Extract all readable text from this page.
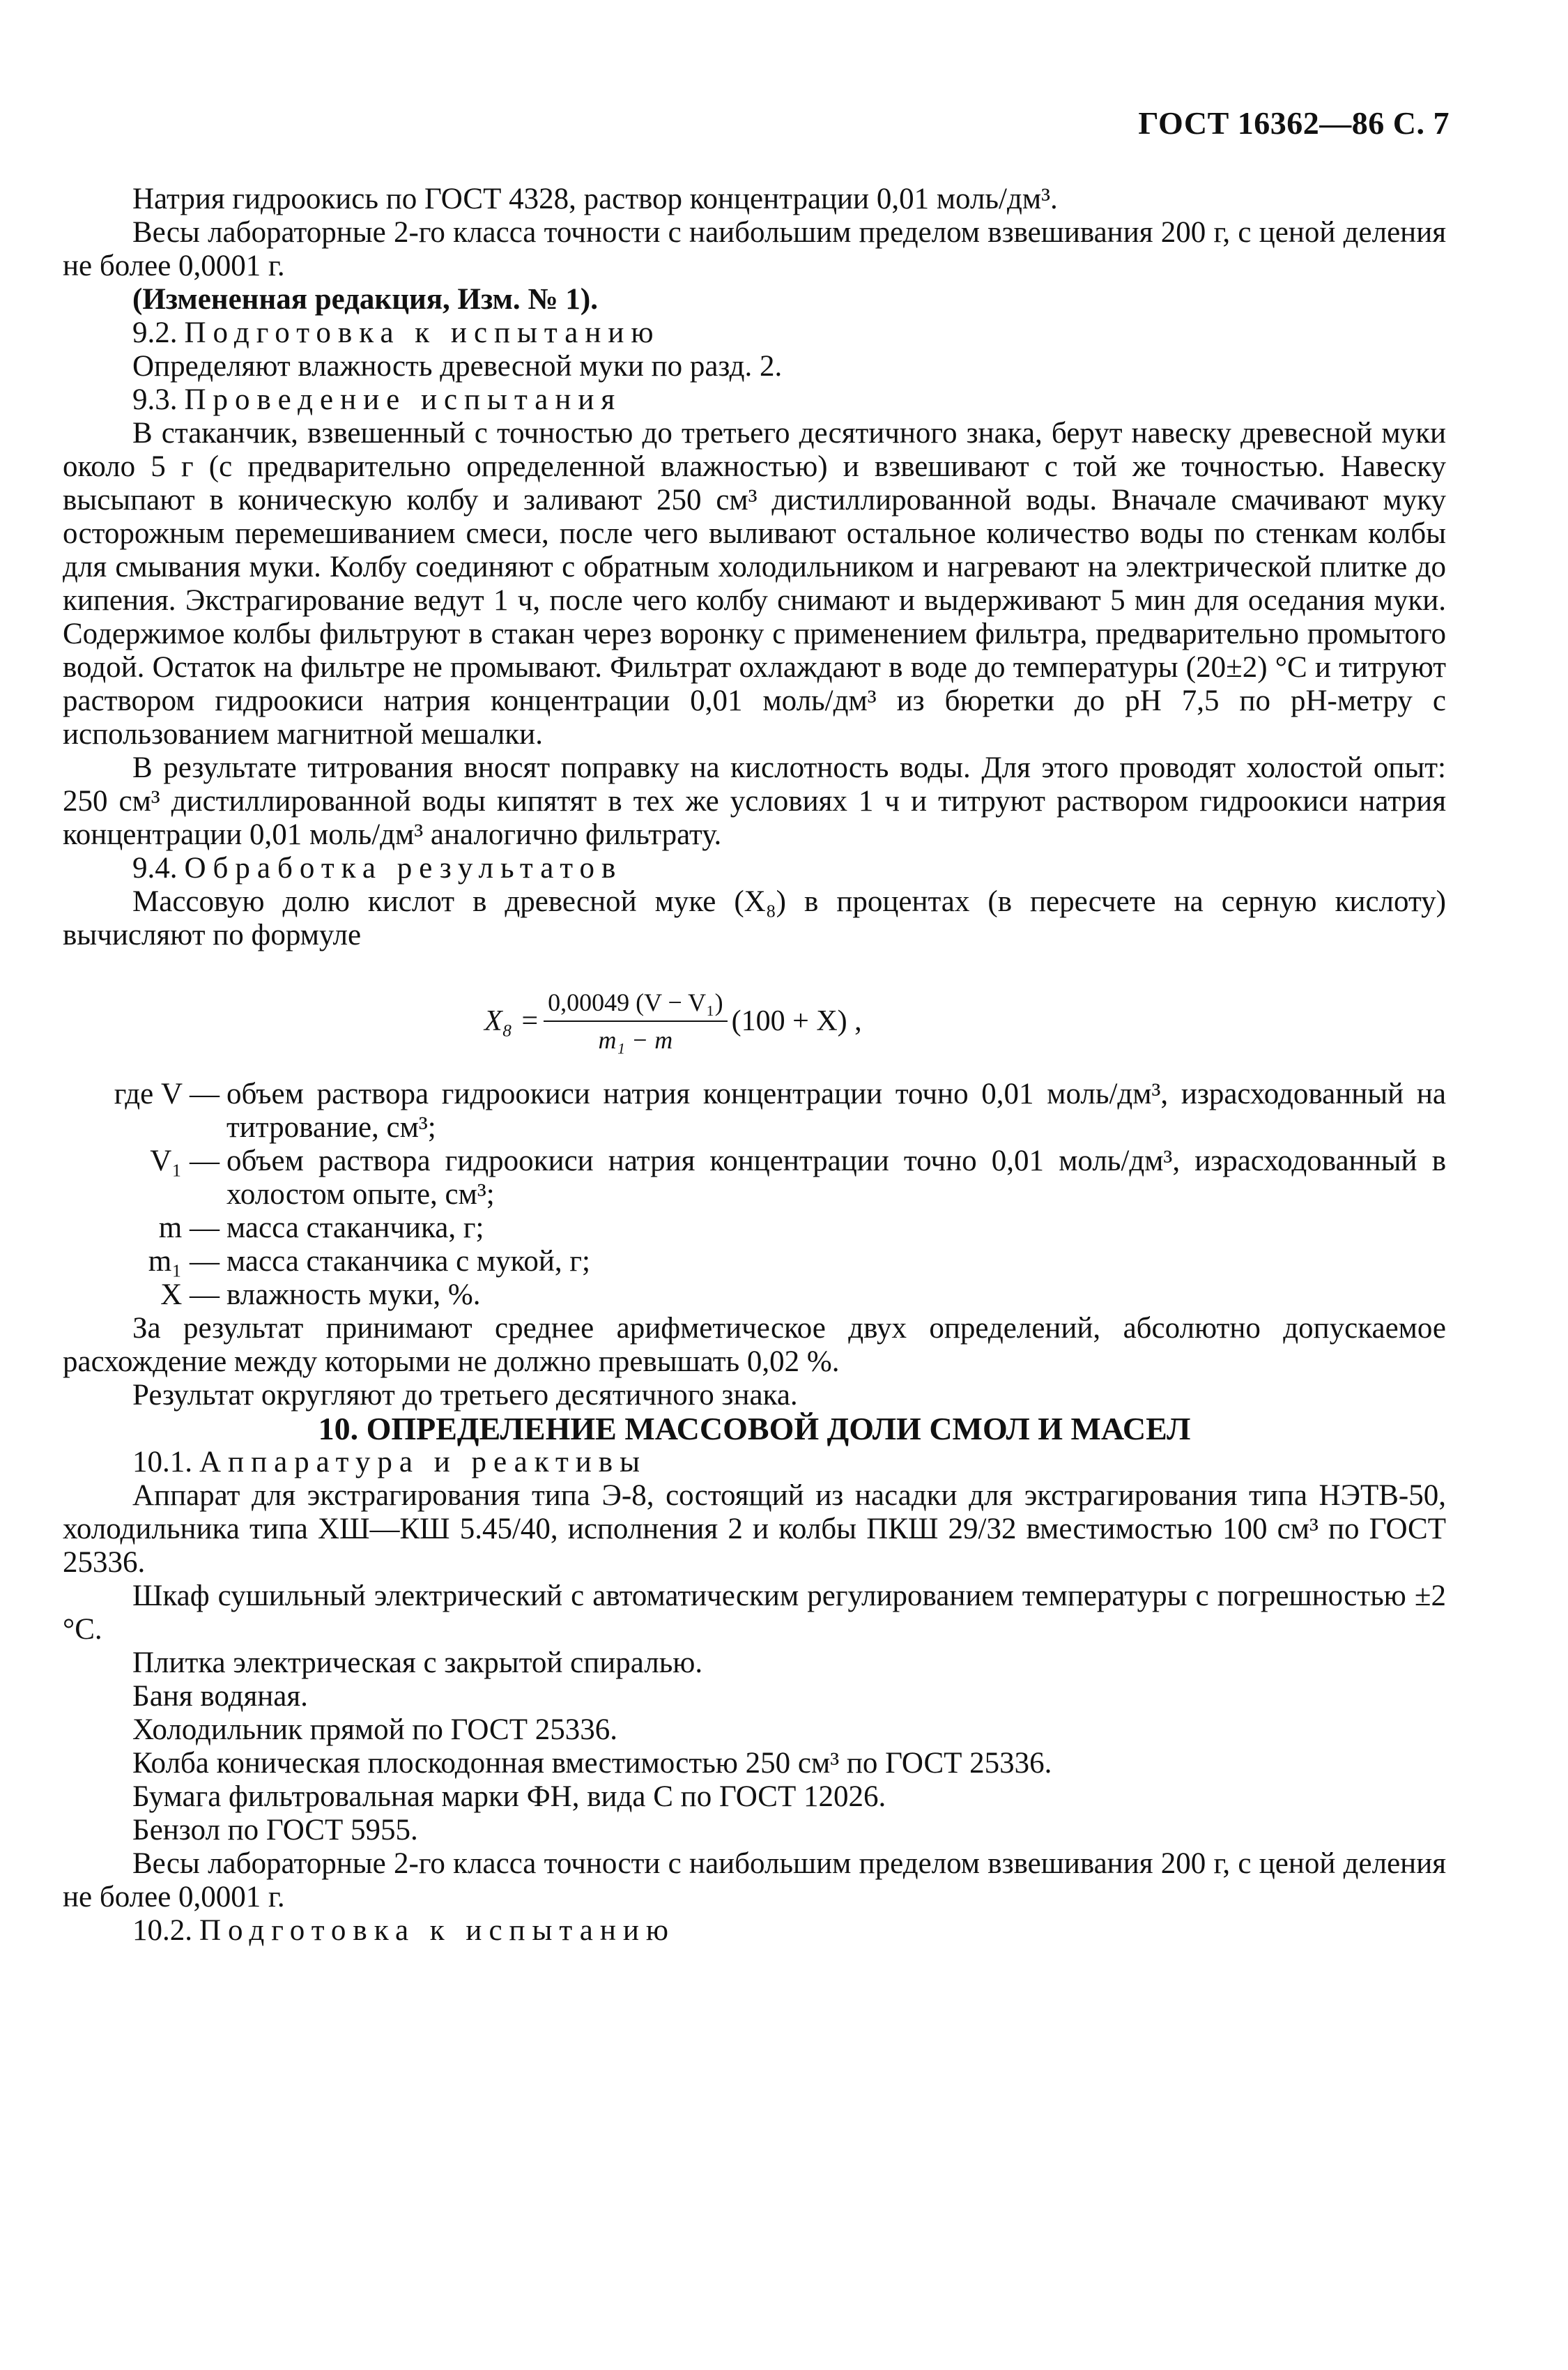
ГОСТ 16362—86 С. 7

Натрия гидроокись по ГОСТ 4328, раствор концентрации 0,01 моль/дм³.

Весы лабораторные 2-го класса точности с наибольшим пределом взвешивания 200 г, с ценой деления не более 0,0001 г.

(Измененная редакция, Изм. № 1).

9.2. Подготовка к испытанию

Определяют влажность древесной муки по разд. 2.

9.3. Проведение испытания

В стаканчик, взвешенный с точностью до третьего десятичного знака, берут навеску древесной муки около 5 г (с предварительно определенной влажностью) и взвешивают с той же точностью. Навеску высыпают в коническую колбу и заливают 250 см³ дистиллированной воды. Вначале смачивают муку осторожным перемешиванием смеси, после чего выливают остальное количество воды по стенкам колбы для смывания муки. Колбу соединяют с обратным холодильником и нагревают на электрической плитке до кипения. Экстрагирование ведут 1 ч, после чего колбу снимают и выдерживают 5 мин для оседания муки. Содержимое колбы фильтруют в стакан через воронку с применением фильтра, предварительно промытого водой. Остаток на фильтре не промывают. Фильтрат охлаждают в воде до температуры (20±2) °С и титруют раствором гидроокиси натрия концентрации 0,01 моль/дм³ из бюретки до pH 7,5 по pH-метру с использованием магнитной мешалки.

В результате титрования вносят поправку на кислотность воды. Для этого проводят холостой опыт: 250 см³ дистиллированной воды кипятят в тех же условиях 1 ч и титруют раствором гидроокиси натрия концентрации 0,01 моль/дм³ аналогично фильтрату.

9.4. Обработка результатов

Массовую долю кислот в древесной муке (X₈) в процентах (в пересчете на серную кислоту) вычисляют по формуле

$X_8 = \frac{\text{0,00049 (V − V₁)}}{\text{m₁ − m}} (100 + X)$ ,
где V — объем раствора гидроокиси натрия концентрации точно 0,01 моль/дм³, израсходованный на титрование, см³;
V₁ — объем раствора гидроокиси натрия концентрации точно 0,01 моль/дм³, израсходованный в холостом опыте, см³;
m — масса стаканчика, г;
m₁ — масса стаканчика с мукой, г;
X — влажность муки, %.

За результат принимают среднее арифметическое двух определений, абсолютно допускаемое расхождение между которыми не должно превышать 0,02 %.

Результат округляют до третьего десятичного знака.

10. ОПРЕДЕЛЕНИЕ МАССОВОЙ ДОЛИ СМОЛ И МАСЕЛ

10.1. Аппаратура и реактивы

Аппарат для экстрагирования типа Э-8, состоящий из насадки для экстрагирования типа НЭТВ-50, холодильника типа ХШ—КШ 5.45/40, исполнения 2 и колбы ПКШ 29/32 вместимостью 100 см³ по ГОСТ 25336.

Шкаф сушильный электрический с автоматическим регулированием температуры с погрешностью ±2 °С.

Плитка электрическая с закрытой спиралью.

Баня водяная.

Холодильник прямой по ГОСТ 25336.

Колба коническая плоскодонная вместимостью 250 см³ по ГОСТ 25336.

Бумага фильтровальная марки ФН, вида С по ГОСТ 12026.

Бензол по ГОСТ 5955.

Весы лабораторные 2-го класса точности с наибольшим пределом взвешивания 200 г, с ценой деления не более 0,0001 г.

10.2. Подготовка к испытанию
